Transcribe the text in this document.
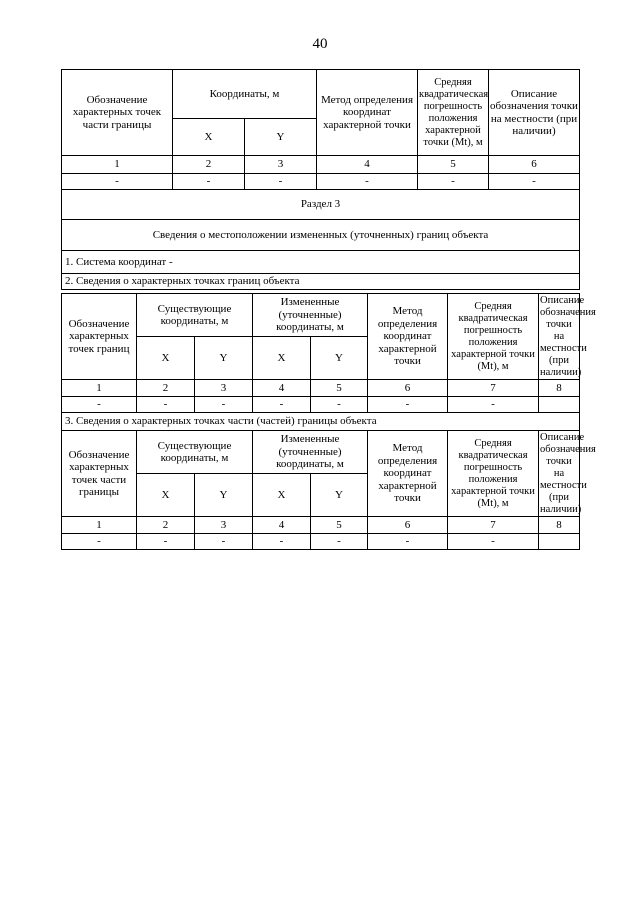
40
Обозначение характерных точек части границы	Координаты, м		Метод определения координат характерной точки	Средняя квадратическая погрешность положения характерной точки (Mt), м	Описание обозначения точки на местности (при наличии)
	X	Y			
1	2	3	4	5	6
-	-	-	-	-	-
Раздел 3					
Сведения о местоположении измененных (уточненных) границ объекта					
1. Система координат -					
2. Сведения о характерных точках границ объекта					
Обозначение характерных точек границ	Существующие координаты, м		Измененные (уточненные) координаты, м		Метод определения координат характерной точки	Средняя квадратическая погрешность положения характерной точки (Mt), м	Описание обозначения точки на местности (при наличии)
	X	Y	X	Y			
1	2	3	4	5	6	7	8
-	-	-	-	-	-	-	
3. Сведения о характерных точках части (частей) границы объекта							
Обозначение характерных точек части границы	Существующие координаты, м		Измененные (уточненные) координаты, м		Метод определения координат характерной точки	Средняя квадратическая погрешность положения характерной точки (Mt), м	Описание обозначения точки на местности (при наличии)
	X	Y	X	Y			
1	2	3	4	5	6	7	8
-	-	-	-	-	-	-	
